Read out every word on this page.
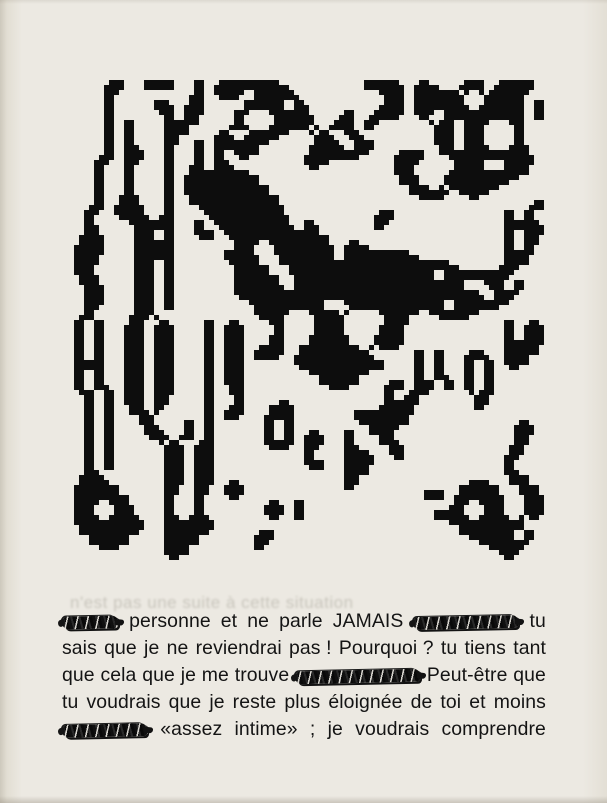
n'est pas une suite à cette situation
personne et ne parle JAMAIS	tu
sais que je ne reviendrai pas ! Pourquoi ? tu tiens tant
que cela que je me trouve	Peut-être que
tu voudrais que je reste plus éloignée de toi et moins
«assez intime» ; je voudrais comprendre
